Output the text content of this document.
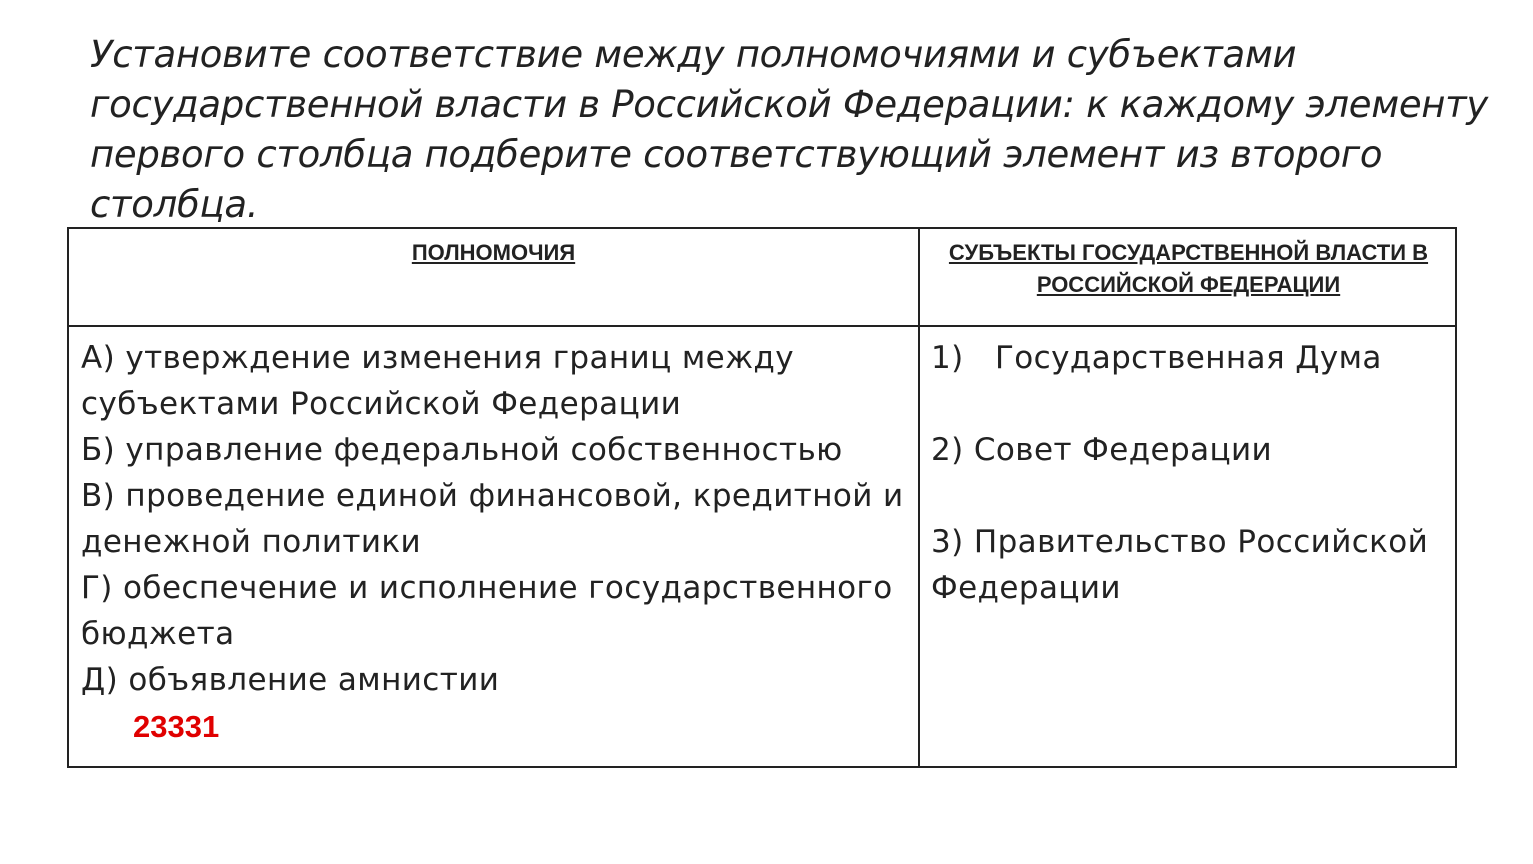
Установите соответствие между полномочиями и субъектами государственной власти в Российской Федерации: к каждому элементу первого столбца подберите соответствующий элемент из второго столбца.
ПОЛНОМОЧИЯ	СУБЪЕКТЫ ГОСУДАРСТВЕННОЙ ВЛАСТИ В РОССИЙСКОЙ ФЕДЕРАЦИИ
А) утверждение изменения границ между субъектами Российской Федерации
Б) управление федеральной собственностью
В) проведение единой финансовой, кредитной и денежной политики
Г) обеспечение и исполнение государственного бюджета
Д) объявление амнистии
23331
1) Государственная Дума
2) Совет Федерации
3) Правительство Российской Федерации
